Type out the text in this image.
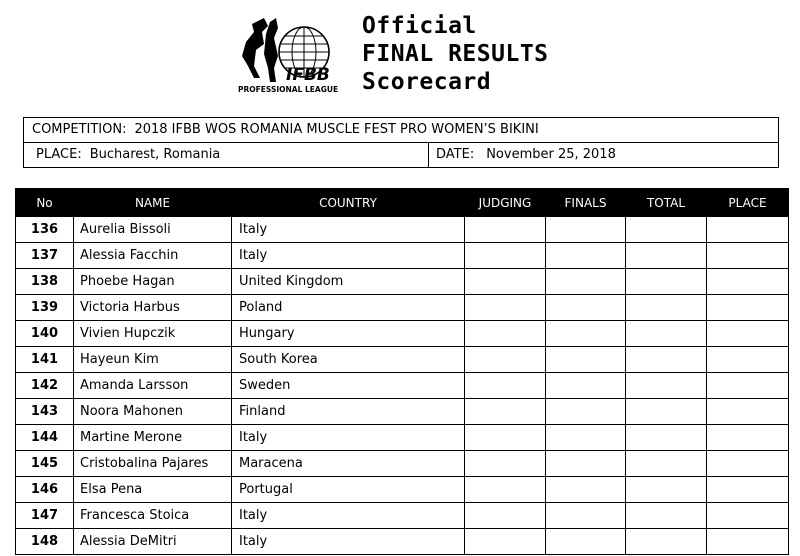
IFBB
PROFESSIONAL LEAGUE
Official
FINAL RESULTS
Scorecard
COMPETITION: 2018 IFBB WOS ROMANIA MUSCLE FEST PRO WOMEN’S BIKINI
PLACE: Bucharest, Romania	DATE: November 25, 2018
No	NAME	COUNTRY	JUDGING	FINALS	TOTAL	PLACE
136	Aurelia Bissoli	Italy				
137	Alessia Facchin	Italy				
138	Phoebe Hagan	United Kingdom				
139	Victoria Harbus	Poland				
140	Vivien Hupczik	Hungary				
141	Hayeun Kim	South Korea				
142	Amanda Larsson	Sweden				
143	Noora Mahonen	Finland				
144	Martine Merone	Italy				
145	Cristobalina Pajares	Maracena				
146	Elsa Pena	Portugal				
147	Francesca Stoica	Italy				
148	Alessia DeMitri	Italy				
